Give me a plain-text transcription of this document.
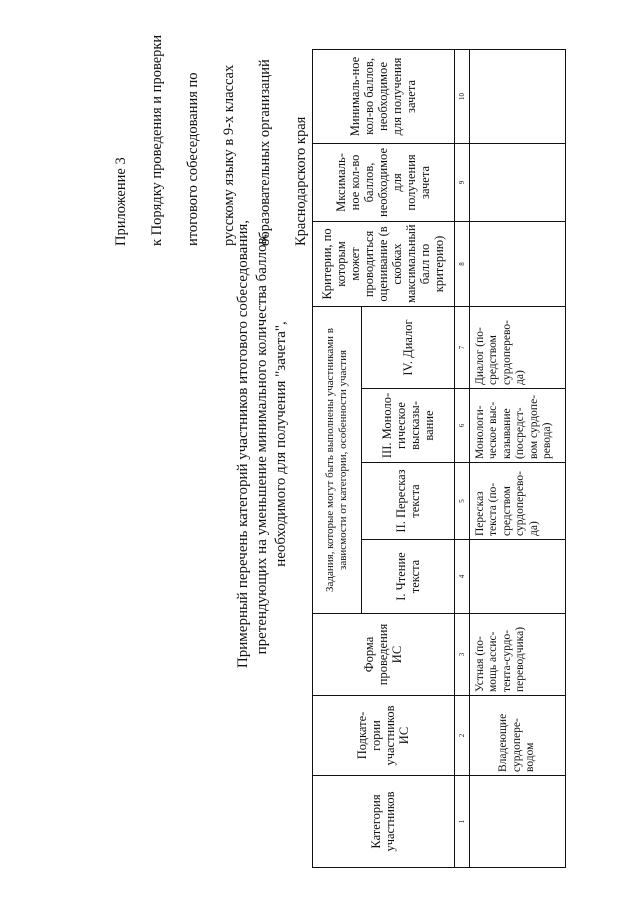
Приложение 3 к Порядку проведения и проверки итогового собеседования по русскому языку в 9-х классах образовательных организаций Краснодарского края

Примерный перечень категорий участников итогового собеседования, претендующих на уменьшение минимального количества баллов, необходимого для получения "зачета",
Категория участников	Подкате-гории участников ИС	Форма проведения ИС	Задания, которые могут быть выполнены участниками в зависмости от категории, особенности участия				Критерии, по которым может проводиться оценивание (в скобках максимальный балл по критерию)	Мксималь-ное кол-во баллов, необходимое для получения зачета	Минималь-ное кол-во баллов, необходимое для получения зачета
			I. Чтение текста	II. Пересказ текста	III. Моноло-гическое высказы-вание	IV. Диалог			
1	2	3	4	5	6	7	8	9	10
	Владеющие сурдопере-водом	Устная (по-мощь ассис-тента-сурдо-переводчика)		Пересказ текста (по-средством сурдоперево-да)	Монологи-ческое выс-казывание (посредст-вом сурдопе-ревода)	Диалог (по-средством сурдоперево-да)			
